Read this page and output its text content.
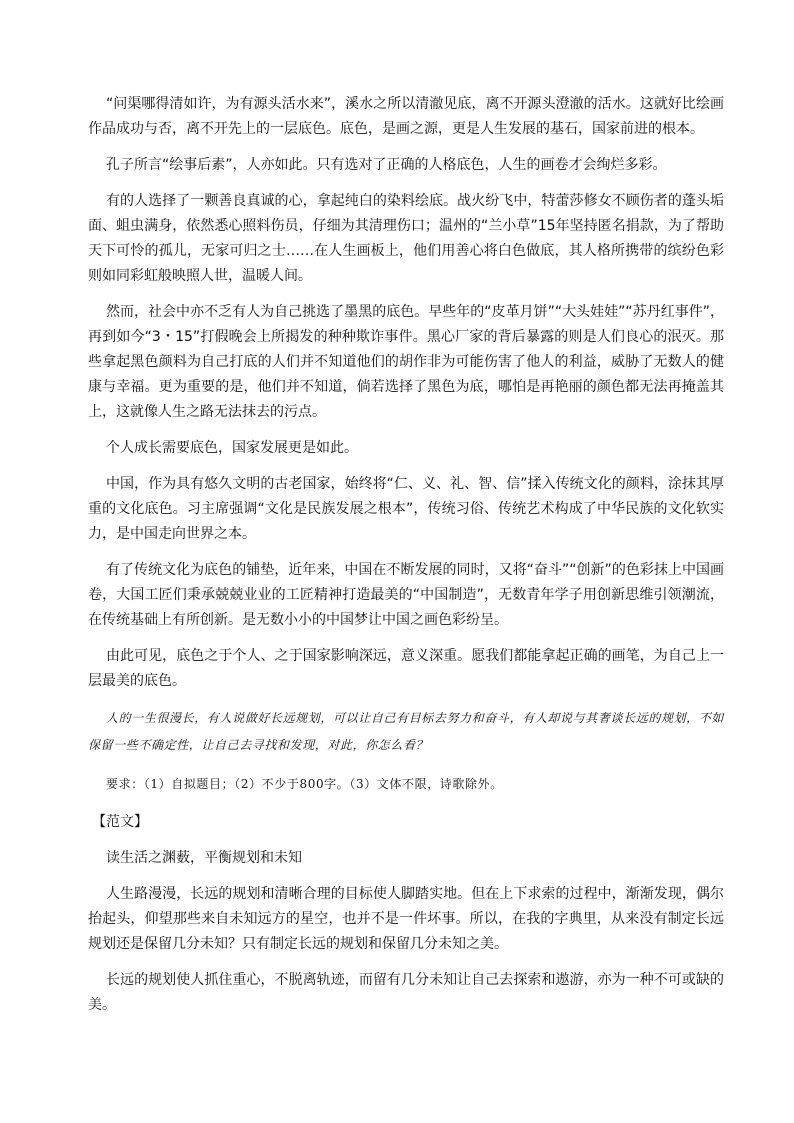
“问渠哪得清如许，为有源头活水来”，溪水之所以清澈见底，离不开源头澄澈的活水。这就好比绘画作品成功与否，离不开先上的一层底色。底色，是画之源，更是人生发展的基石，国家前进的根本。

孔子所言“绘事后素”，人亦如此。只有选对了正确的人格底色，人生的画卷才会绚烂多彩。

有的人选择了一颗善良真诚的心，拿起纯白的染料绘底。战火纷飞中，特蕾莎修女不顾伤者的蓬头垢面、蛆虫满身，依然悉心照料伤员，仔细为其清理伤口；温州的“兰小草”15年坚持匿名捐款，为了帮助天下可怜的孤儿，无家可归之士……在人生画板上，他们用善心将白色做底，其人格所携带的缤纷色彩则如同彩虹般映照人世，温暖人间。

然而，社会中亦不乏有人为自己挑选了墨黑的底色。早些年的“皮革月饼”“大头娃娃”“苏丹红事件”，再到如今“3・15”打假晚会上所揭发的种种欺诈事件。黑心厂家的背后暴露的则是人们良心的泯灭。那些拿起黑色颜料为自己打底的人们并不知道他们的胡作非为可能伤害了他人的利益，威胁了无数人的健康与幸福。更为重要的是，他们并不知道，倘若选择了黑色为底，哪怕是再艳丽的颜色都无法再掩盖其上，这就像人生之路无法抹去的污点。

个人成长需要底色，国家发展更是如此。

中国，作为具有悠久文明的古老国家，始终将“仁、义、礼、智、信”揉入传统文化的颜料，涂抹其厚重的文化底色。习主席强调“文化是民族发展之根本”，传统习俗、传统艺术构成了中华民族的文化软实力，是中国走向世界之本。

有了传统文化为底色的铺垫，近年来，中国在不断发展的同时，又将“奋斗”“创新”的色彩抹上中国画卷，大国工匠们秉承兢兢业业的工匠精神打造最美的“中国制造”，无数青年学子用创新思维引领潮流，在传统基础上有所创新。是无数小小的中国梦让中国之画色彩纷呈。

由此可见，底色之于个人、之于国家影响深远，意义深重。愿我们都能拿起正确的画笔，为自己上一层最美的底色。

人的一生很漫长，有人说做好长远规划，可以让自己有目标去努力和奋斗，有人却说与其奢谈长远的规划，不如保留一些不确定性，让自己去寻找和发现，对此，你怎么看？

要求：（1）自拟题目；（2）不少于800字。（3）文体不限，诗歌除外。

【范文】

读生活之渊薮，平衡规划和未知

人生路漫漫，长远的规划和清晰合理的目标使人脚踏实地。但在上下求索的过程中，渐渐发现，偶尔抬起头，仰望那些来自未知远方的星空，也并不是一件坏事。所以，在我的字典里，从来没有制定长远规划还是保留几分未知？只有制定长远的规划和保留几分未知之美。

长远的规划使人抓住重心，不脱离轨迹，而留有几分未知让自己去探索和遨游，亦为一种不可或缺的美。
